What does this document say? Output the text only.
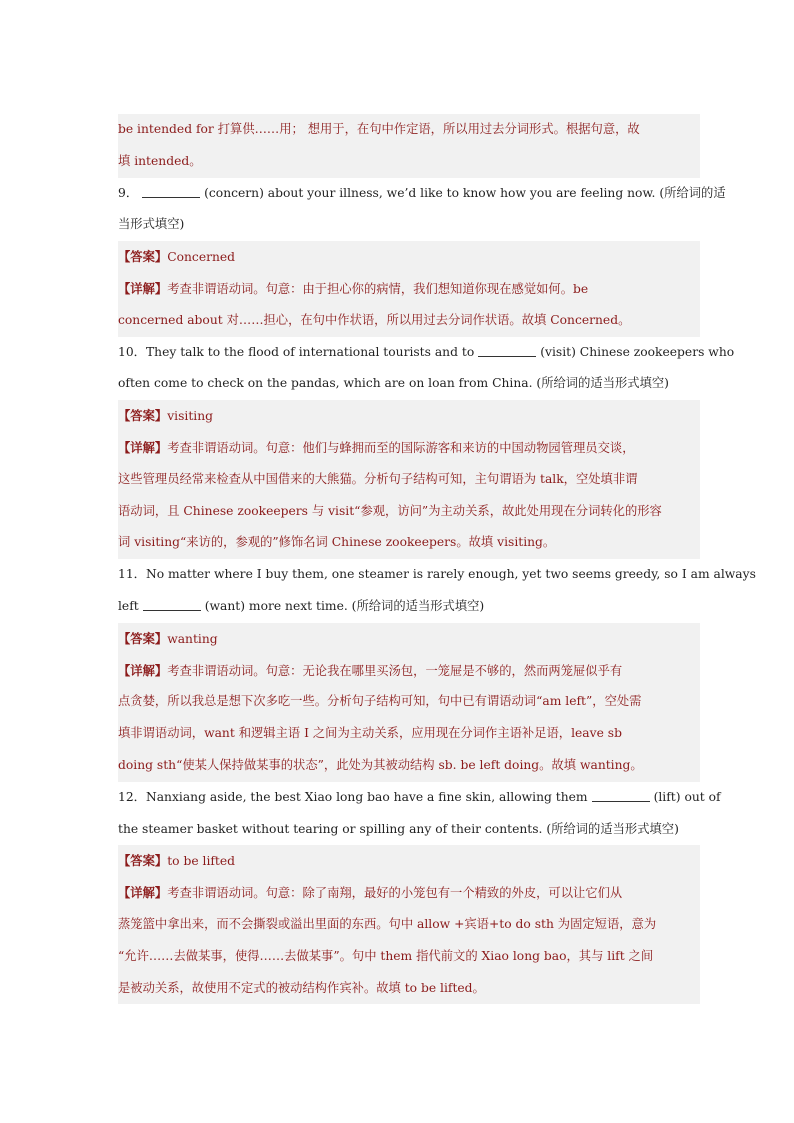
be intended for 打算供……用； 想用于，在句中作定语，所以用过去分词形式。根据句意，故
填 intended。
9．	(concern) about your illness, we’d like to know how you are feeling now. (所给词的适
当形式填空)
【答案】Concerned
【详解】考查非谓语动词。句意：由于担心你的病情，我们想知道你现在感觉如何。be
concerned about 对……担心，在句中作状语，所以用过去分词作状语。故填 Concerned。
10．They talk to the flood of international tourists and to	(visit) Chinese zookeepers who
often come to check on the pandas, which are on loan from China. (所给词的适当形式填空)
【答案】visiting
【详解】考查非谓语动词。句意：他们与蜂拥而至的国际游客和来访的中国动物园管理员交谈，
这些管理员经常来检查从中国借来的大熊猫。分析句子结构可知，主句谓语为 talk，空处填非谓
语动词，且 Chinese zookeepers 与 visit“参观，访问”为主动关系，故此处用现在分词转化的形容
词 visiting“来访的，参观的”修饰名词 Chinese zookeepers。故填 visiting。
11．No matter where I buy them, one steamer is rarely enough, yet two seems greedy, so I am always
left	(want) more next time. (所给词的适当形式填空)
【答案】wanting
【详解】考查非谓语动词。句意：无论我在哪里买汤包，一笼屉是不够的，然而两笼屉似乎有
点贪婪，所以我总是想下次多吃一些。分析句子结构可知，句中已有谓语动词“am left”，空处需
填非谓语动词，want 和逻辑主语 I 之间为主动关系，应用现在分词作主语补足语，leave sb
doing sth“使某人保持做某事的状态”，此处为其被动结构 sb. be left doing。故填 wanting。
12．Nanxiang aside, the best Xiao long bao have a fine skin, allowing them	(lift) out of
the steamer basket without tearing or spilling any of their contents. (所给词的适当形式填空)
【答案】to be lifted
【详解】考查非谓语动词。句意：除了南翔，最好的小笼包有一个精致的外皮，可以让它们从
蒸笼篮中拿出来，而不会撕裂或溢出里面的东西。句中 allow +宾语+to do sth 为固定短语，意为
“允许……去做某事，使得……去做某事”。句中 them 指代前文的 Xiao long bao，其与 lift 之间
是被动关系，故使用不定式的被动结构作宾补。故填 to be lifted。
